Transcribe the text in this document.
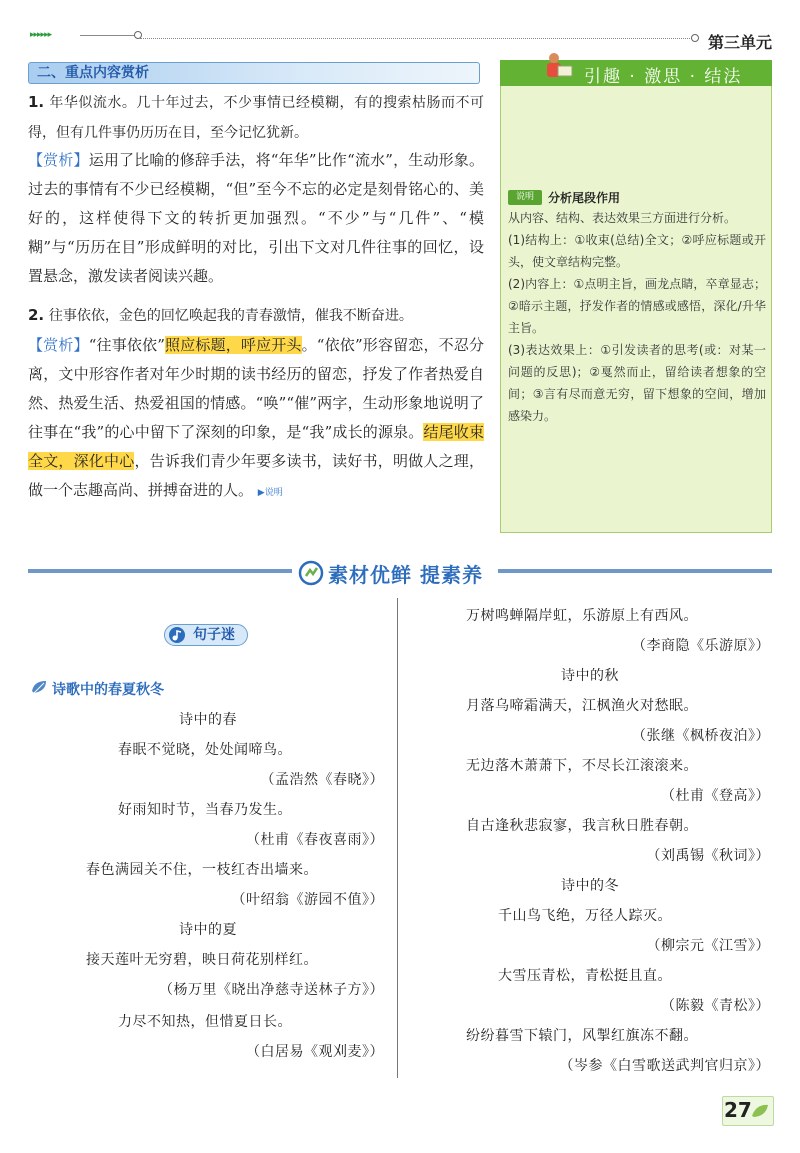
▸▸▸▸▸▸	第三单元
二、重点内容赏析
1. 年华似流水。几十年过去，不少事情已经模糊，有的搜索枯肠而不可得，但有几件事仍历历在目，至今记忆犹新。
【赏析】运用了比喻的修辞手法，将“年华”比作“流水”，生动形象。过去的事情有不少已经模糊，“但”至今不忘的必定是刻骨铭心的、美好的，这样使得下文的转折更加强烈。“不少”与“几件”、“模糊”与“历历在目”形成鲜明的对比，引出下文对几件往事的回忆，设置悬念，激发读者阅读兴趣。
2. 往事依依，金色的回忆唤起我的青春激情，催我不断奋进。
【赏析】“往事依依”照应标题，呼应开头。“依依”形容留恋，不忍分离，文中形容作者对年少时期的读书经历的留恋，抒发了作者热爱自然、热爱生活、热爱祖国的情感。“唤”“催”两字，生动形象地说明了往事在“我”的心中留下了深刻的印象，是“我”成长的源泉。结尾收束全文，深化中心，告诉我们青少年要多读书，读好书，明做人之理，做一个志趣高尚、拼搏奋进的人。 ▶说明
引趣 · 激思 · 结法
说明	分析尾段作用
从内容、结构、表达效果三方面进行分析。
(1)结构上：①收束(总结)全文；②呼应标题或开头，使文章结构完整。
(2)内容上：①点明主旨，画龙点睛，卒章显志；②暗示主题，抒发作者的情感或感悟，深化/升华主旨。
(3)表达效果上：①引发读者的思考(或：对某一问题的反思)；②戛然而止，留给读者想象的空间；③言有尽而意无穷，留下想象的空间，增加感染力。
素材优鲜 提素养
句子迷
诗歌中的春夏秋冬
诗中的春
春眠不觉晓，处处闻啼鸟。
（孟浩然《春晓》）
好雨知时节，当春乃发生。
（杜甫《春夜喜雨》）
春色满园关不住，一枝红杏出墙来。
（叶绍翁《游园不值》）
诗中的夏
接天莲叶无穷碧，映日荷花别样红。
（杨万里《晓出净慈寺送林子方》）
力尽不知热，但惜夏日长。
（白居易《观刈麦》）
万树鸣蝉隔岸虹，乐游原上有西风。
（李商隐《乐游原》）
诗中的秋
月落乌啼霜满天，江枫渔火对愁眠。
（张继《枫桥夜泊》）
无边落木萧萧下，不尽长江滚滚来。
（杜甫《登高》）
自古逢秋悲寂寥，我言秋日胜春朝。
（刘禹锡《秋词》）
诗中的冬
千山鸟飞绝，万径人踪灭。
（柳宗元《江雪》）
大雪压青松，青松挺且直。
（陈毅《青松》）
纷纷暮雪下辕门，风掣红旗冻不翻。
（岑参《白雪歌送武判官归京》）
27
